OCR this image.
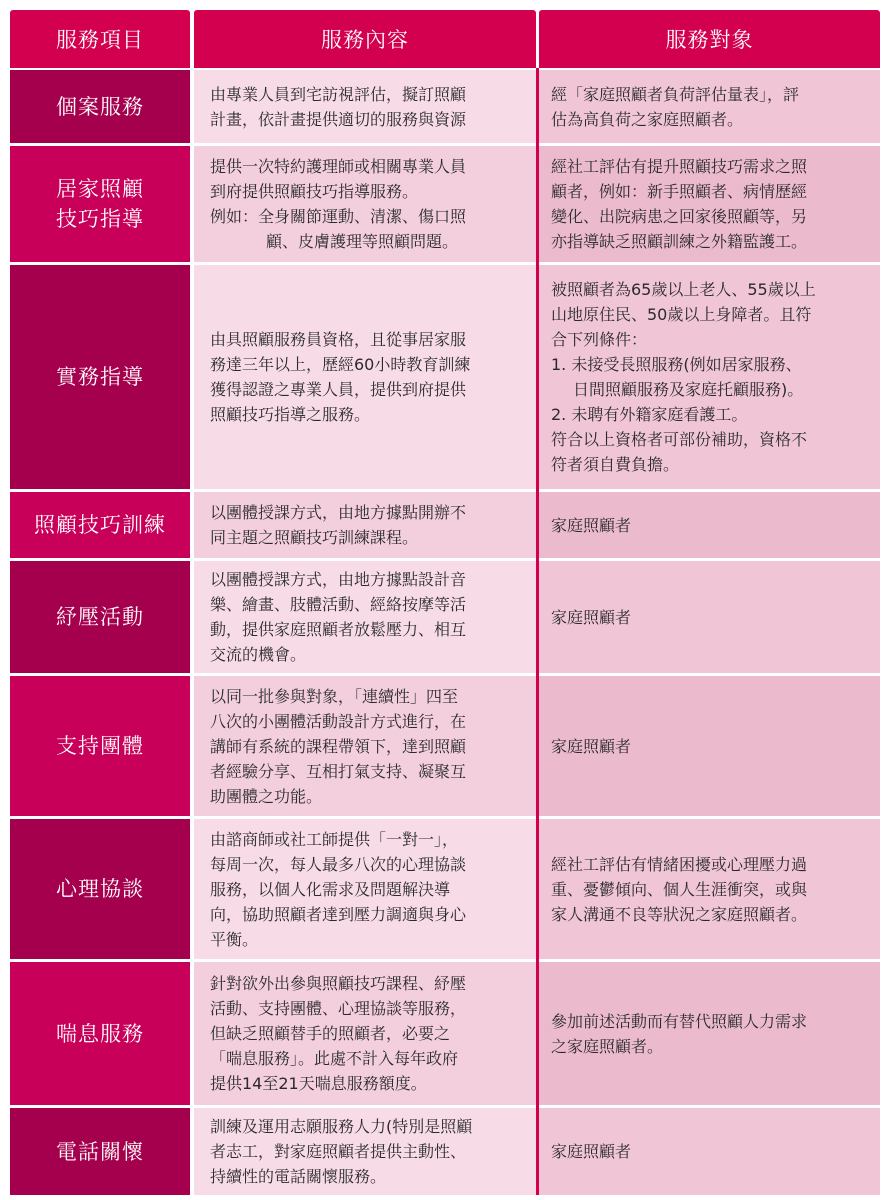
服務項目	服務內容	服務對象
個案服務
由專業人員到宅訪視評估，擬訂照顧
計畫，依計畫提供適切的服務與資源
經「家庭照顧者負荷評估量表」，評
估為高負荷之家庭照顧者。
居家照顧
技巧指導
提供一次特約護理師或相關專業人員
到府提供照顧技巧指導服務。
例如：全身關節運動、清潔、傷口照
顧、皮膚護理等照顧問題。
經社工評估有提升照顧技巧需求之照
顧者，例如：新手照顧者、病情歷經
變化、出院病患之回家後照顧等，另
亦指導缺乏照顧訓練之外籍監護工。
實務指導
由具照顧服務員資格，且從事居家服
務達三年以上，歷經60小時教育訓練
獲得認證之專業人員，提供到府提供
照顧技巧指導之服務。
被照顧者為65歲以上老人、55歲以上
山地原住民、50歲以上身障者。且符
合下列條件：
1. 未接受長照服務(例如居家服務、
日間照顧服務及家庭托顧服務)。
2. 未聘有外籍家庭看護工。
符合以上資格者可部份補助，資格不
符者須自費負擔。
照顧技巧訓練
以團體授課方式，由地方據點開辦不
同主題之照顧技巧訓練課程。
家庭照顧者
紓壓活動
以團體授課方式，由地方據點設計音
樂、繪畫、肢體活動、經絡按摩等活
動，提供家庭照顧者放鬆壓力、相互
交流的機會。
家庭照顧者
支持團體
以同一批參與對象，「連續性」四至
八次的小團體活動設計方式進行，在
講師有系統的課程帶領下，達到照顧
者經驗分享、互相打氣支持、凝聚互
助團體之功能。
家庭照顧者
心理協談
由諮商師或社工師提供「一對一」，
每周一次，每人最多八次的心理協談
服務，以個人化需求及問題解決導
向，協助照顧者達到壓力調適與身心
平衡。
經社工評估有情緒困擾或心理壓力過
重、憂鬱傾向、個人生涯衝突，或與
家人溝通不良等狀況之家庭照顧者。
喘息服務
針對欲外出參與照顧技巧課程、紓壓
活動、支持團體、心理協談等服務，
但缺乏照顧替手的照顧者，必要之
「喘息服務」。此處不計入每年政府
提供14至21天喘息服務額度。
參加前述活動而有替代照顧人力需求
之家庭照顧者。
電話關懷
訓練及運用志願服務人力(特別是照顧
者志工，對家庭照顧者提供主動性、
持續性的電話關懷服務。
家庭照顧者
